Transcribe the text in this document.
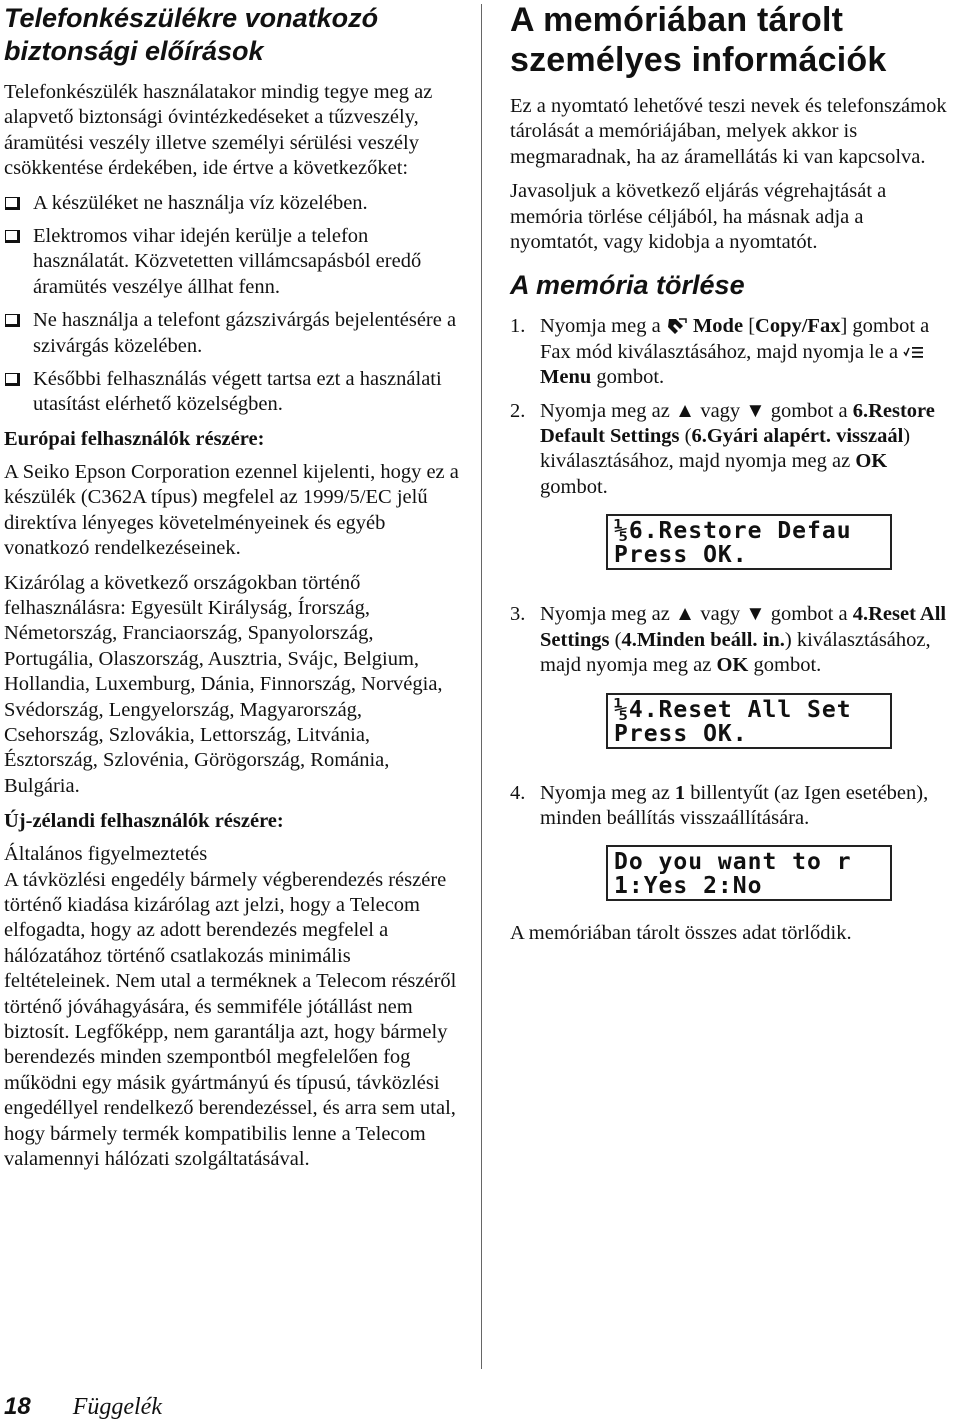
Telefonkészülékre vonatkozó biztonsági előírások

Telefonkészülék használatakor mindig tegye meg az alapvető biztonsági óvintézkedéseket a tűzveszély, áramütési veszély illetve személyi sérülési veszély csökkentése érdekében, ide értve a következőket:

A készüléket ne használja víz közelében.
Elektromos vihar idején kerülje a telefon használatát. Közvetetten villámcsapásból eredő áramütés veszélye állhat fenn.
Ne használja a telefont gázszivárgás bejelentésére a szivárgás közelében.
Későbbi felhasználás végett tartsa ezt a használati utasítást elérhető közelségben.
Európai felhasználók részére:

A Seiko Epson Corporation ezennel kijelenti, hogy ez a készülék (C362A típus) megfelel az 1999/5/EC jelű direktíva lényeges követelményeinek és egyéb vonatkozó rendelkezéseinek.

Kizárólag a következő országokban történő felhasználásra: Egyesült Királyság, Írország, Németország, Franciaország, Spanyolország, Portugália, Olaszország, Ausztria, Svájc, Belgium, Hollandia, Luxemburg, Dánia, Finnország, Norvégia, Svédország, Lengyelország, Magyarország, Csehország, Szlovákia, Lettország, Litvánia, Észtország, Szlovénia, Görögország, Románia, Bulgária.

Új-zélandi felhasználók részére:

Általános figyelmeztetés

A távközlési engedély bármely végberendezés részére történő kiadása kizárólag azt jelzi, hogy a Telecom elfogadta, hogy az adott berendezés megfelel a hálózatához történő csatlakozás minimális feltételeinek. Nem utal a terméknek a Telecom részéről történő jóváhagyására, és semmiféle jótállást nem biztosít. Legfőképp, nem garantálja azt, hogy bármely berendezés minden szempontból megfelelően fog működni egy másik gyártmányú és típusú, távközlési engedéllyel rendelkező berendezéssel, és arra sem utal, hogy bármely termék kompatibilis lenne a Telecom valamennyi hálózati szolgáltatásával.

A memóriában tárolt személyes információk

Ez a nyomtató lehetővé teszi nevek és telefonszámok tárolását a memóriájában, melyek akkor is megmaradnak, ha az áramellátás ki van kapcsolva.

Javasoljuk a következő eljárás végrehajtását a memória törlése céljából, ha másnak adja a nyomtatót, vagy kidobja a nyomtatót.

A memória törlése
1. Nyomja meg a  Mode [Copy/Fax] gombot a Fax mód kiválasztásához, majd nyomja le a  Menu gombot.
2. Nyomja meg az ▲ vagy ▼ gombot a 6.Restore Default Settings (6.Gyári alapért. visszaál) kiválasztásához, majd nyomja meg az OK gombot.
⅕6.Restore Defau
Press OK.
3. Nyomja meg az ▲ vagy ▼ gombot a 4.Reset All Settings (4.Minden beáll. in.) kiválasztásához, majd nyomja meg az OK gombot.
⅕4.Reset All Set
Press OK.
4. Nyomja meg az 1 billentyűt (az Igen esetében), minden beállítás visszaállítására.
Do you want to r
1:Yes 2:No

A memóriában tárolt összes adat törlődik.

18 Függelék
